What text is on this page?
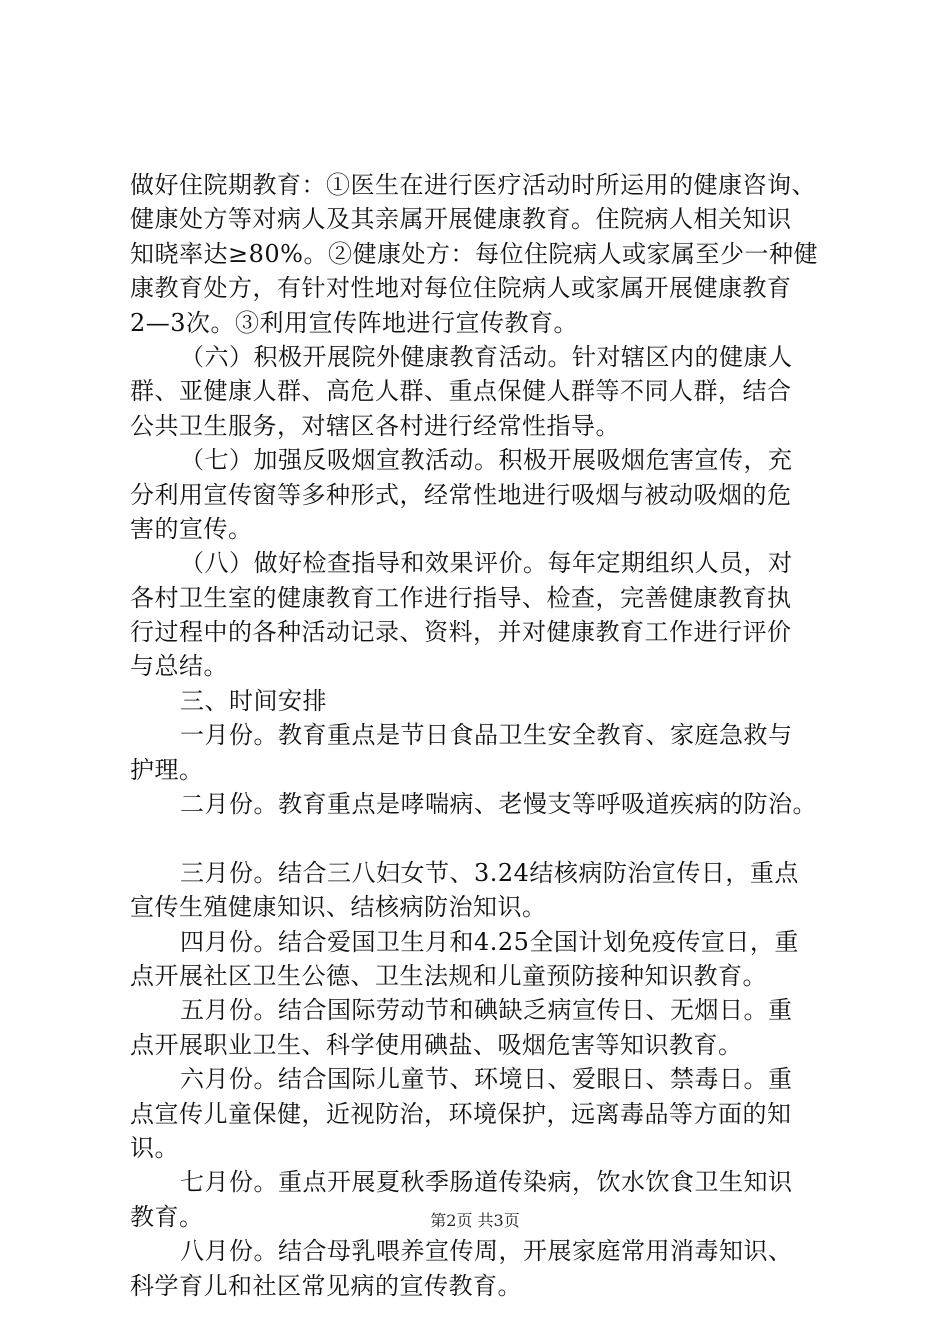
做好住院期教育：①医生在进行医疗活动时所运用的健康咨询、
健康处方等对病人及其亲属开展健康教育。住院病人相关知识
知晓率达≥80%。②健康处方：每位住院病人或家属至少一种健
康教育处方，有针对性地对每位住院病人或家属开展健康教育
2—3次。③利用宣传阵地进行宣传教育。
（六）积极开展院外健康教育活动。针对辖区内的健康人
群、亚健康人群、高危人群、重点保健人群等不同人群，结合
公共卫生服务，对辖区各村进行经常性指导。
（七）加强反吸烟宣教活动。积极开展吸烟危害宣传，充
分利用宣传窗等多种形式，经常性地进行吸烟与被动吸烟的危
害的宣传。
（八）做好检查指导和效果评价。每年定期组织人员，对
各村卫生室的健康教育工作进行指导、检查，完善健康教育执
行过程中的各种活动记录、资料，并对健康教育工作进行评价
与总结。
三、时间安排
一月份。教育重点是节日食品卫生安全教育、家庭急救与
护理。
二月份。教育重点是哮喘病、老慢支等呼吸道疾病的防治。
三月份。结合三八妇女节、3.24结核病防治宣传日，重点
宣传生殖健康知识、结核病防治知识。
四月份。结合爱国卫生月和4.25全国计划免疫传宣日，重
点开展社区卫生公德、卫生法规和儿童预防接种知识教育。
五月份。结合国际劳动节和碘缺乏病宣传日、无烟日。重
点开展职业卫生、科学使用碘盐、吸烟危害等知识教育。
六月份。结合国际儿童节、环境日、爱眼日、禁毒日。重
点宣传儿童保健，近视防治，环境保护，远离毒品等方面的知
识。
七月份。重点开展夏秋季肠道传染病，饮水饮食卫生知识
教育。
八月份。结合母乳喂养宣传周，开展家庭常用消毒知识、
科学育儿和社区常见病的宣传教育。
第2页 共3页
